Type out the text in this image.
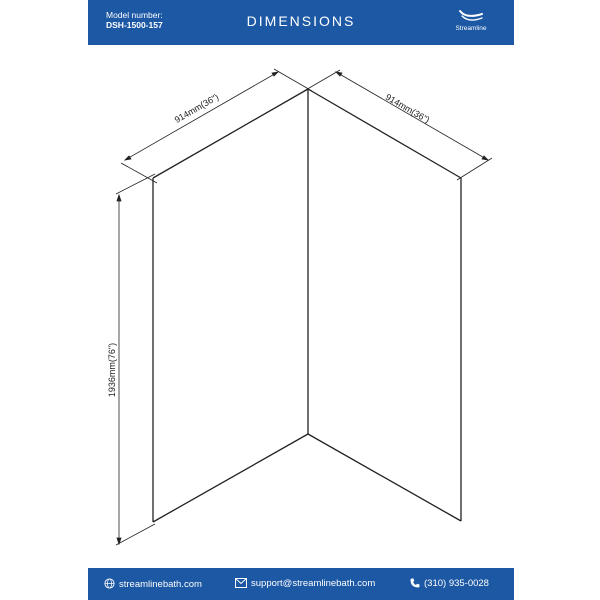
Model number:
DSH-1500-157	DIMENSIONS	Streamline
914mm(36")	914mm(36")
1936mm(76")
streamlinebath.com	support@streamlinebath.com	(310) 935-0028
